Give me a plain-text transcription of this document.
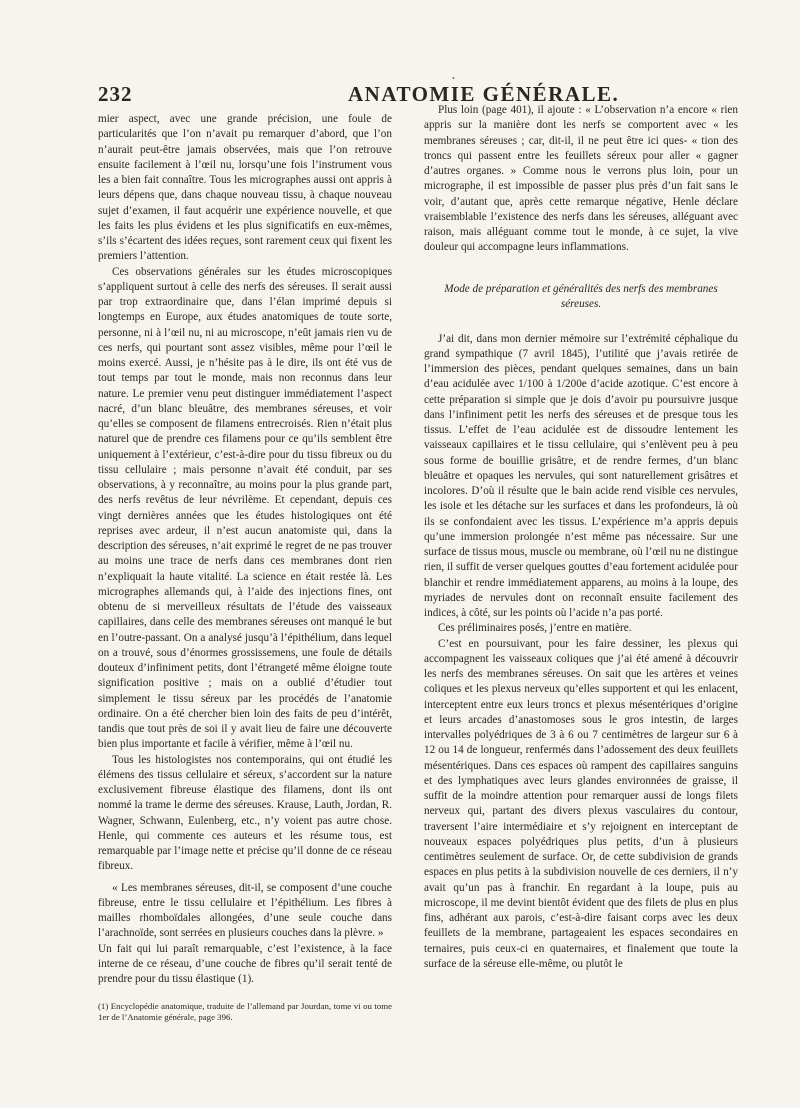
232
•
ANATOMIE GÉNÉRALE.

mier aspect, avec une grande précision, une foule de particularités que l’on n’avait pu remarquer d’abord, que l’on n’aurait peut-être jamais observées, mais que l’on retrouve ensuite facilement à l’œil nu, lorsqu’une fois l’instrument vous les a bien fait connaître. Tous les micrographes aussi ont appris à leurs dépens que, dans chaque nouveau tissu, à chaque nouveau sujet d’examen, il faut acquérir une expérience nouvelle, et que les faits les plus évidens et les plus significatifs en eux-mêmes, s’ils s’écartent des idées reçues, sont rarement ceux qui fixent les premiers l’attention.

Ces observations générales sur les études microscopiques s’appliquent surtout à celle des nerfs des séreuses. Il serait aussi par trop extraordinaire que, dans l’élan imprimé depuis si longtemps en Europe, aux études anatomiques de toute sorte, personne, ni à l’œil nu, ni au microscope, n’eût jamais rien vu de ces nerfs, qui pourtant sont assez visibles, même pour l’œil le moins exercé. Aussi, je n’hésite pas à le dire, ils ont été vus de tout temps par tout le monde, mais non reconnus dans leur nature. Le premier venu peut distinguer immédiatement l’aspect nacré, d’un blanc bleuâtre, des membranes séreuses, et voir qu’elles se composent de filamens entrecroisés. Rien n’était plus naturel que de prendre ces filamens pour ce qu’ils semblent être uniquement à l’extérieur, c’est-à-dire pour du tissu fibreux ou du tissu cellulaire ; mais personne n’avait été conduit, par ses observations, à y reconnaître, au moins pour la plus grande part, des nerfs revêtus de leur névrilème. Et cependant, depuis ces vingt dernières années que les études histologiques ont été reprises avec ardeur, il n’est aucun anatomiste qui, dans la description des séreuses, n’ait exprimé le regret de ne pas trouver au moins une trace de nerfs dans ces membranes dont rien n’expliquait la haute vitalité. La science en était restée là. Les micrographes allemands qui, à l’aide des injections fines, ont obtenu de si merveilleux résultats de l’étude des vaisseaux capillaires, dans celle des membranes séreuses ont manqué le but en l’outre-passant. On a analysé jusqu’à l’épithélium, dans lequel on a trouvé, sous d’énormes grossissemens, une foule de détails douteux d’infiniment petits, dont l’étrangeté même éloigne toute signification positive ; mais on a oublié d’étudier tout simplement le tissu séreux par les procédés de l’anatomie ordinaire. On a été chercher bien loin des faits de peu d’intérêt, tandis que tout près de soi il y avait lieu de faire une découverte bien plus importante et facile à vérifier, même à l’œil nu.

Tous les histologistes nos contemporains, qui ont étudié les élémens des tissus cellulaire et séreux, s’accordent sur la nature exclusivement fibreuse élastique des filamens, dont ils ont nommé la trame le derme des séreuses. Krause, Lauth, Jordan, R. Wagner, Schwann, Eulenberg, etc., n’y voient pas autre chose. Henle, qui commente ces auteurs et les résume tous, est remarquable par l’image nette et précise qu’il donne de ce réseau fibreux.

« Les membranes séreuses, dit-il, se composent d’une couche fibreuse, entre le tissu cellulaire et l’épithélium. Les fibres à mailles rhomboïdales allongées, d’une seule couche dans l’arachnoïde, sont serrées en plusieurs couches dans la plèvre. »

Un fait qui lui paraît remarquable, c’est l’existence, à la face interne de ce réseau, d’une couche de fibres qu’il serait tenté de prendre pour du tissu élastique (1).

(1) Encyclopédie anatomique, traduite de l’allemand par Jourdan, tome vi ou tome 1er de l’Anatomie générale, page 396.

Plus loin (page 401), il ajoute : « L’observation n’a encore « rien appris sur la manière dont les nerfs se comportent avec « les membranes séreuses ; car, dit-il, il ne peut être ici ques- « tion des troncs qui passent entre les feuillets séreux pour aller « gagner d’autres organes. » Comme nous le verrons plus loin, pour un micrographe, il est impossible de passer plus près d’un fait sans le voir, d’autant que, après cette remarque négative, Henle déclare vraisemblable l’existence des nerfs dans les séreuses, alléguant avec raison, mais alléguant comme tout le monde, à ce sujet, la vive douleur qui accompagne leurs inflammations.

Mode de préparation et généralités des nerfs des membranes séreuses.

J’ai dit, dans mon dernier mémoire sur l’extrémité céphalique du grand sympathique (7 avril 1845), l’utilité que j’avais retirée de l’immersion des pièces, pendant quelques semaines, dans un bain d’eau acidulée avec 1/100 à 1/200e d’acide azotique. C’est encore à cette préparation si simple que je dois d’avoir pu poursuivre jusque dans l’infiniment petit les nerfs des séreuses et de presque tous les tissus. L’effet de l’eau acidulée est de dissoudre lentement les vaisseaux capillaires et le tissu cellulaire, qui s’enlèvent peu à peu sous forme de bouillie grisâtre, et de rendre fermes, d’un blanc bleuâtre et opaques les nervules, qui sont naturellement grisâtres et incolores. D’où il résulte que le bain acide rend visible ces nervules, les isole et les détache sur les surfaces et dans les profondeurs, là où ils se confondaient avec les tissus. L’expérience m’a appris depuis qu’une immersion prolongée n’est même pas nécessaire. Sur une surface de tissus mous, muscle ou membrane, où l’œil nu ne distingue rien, il suffit de verser quelques gouttes d’eau fortement acidulée pour blanchir et rendre immédiatement apparens, au moins à la loupe, des myriades de nervules dont on reconnaît ensuite facilement des indices, à côté, sur les points où l’acide n’a pas porté.

Ces préliminaires posés, j’entre en matière.

C’est en poursuivant, pour les faire dessiner, les plexus qui accompagnent les vaisseaux coliques que j’ai été amené à découvrir les nerfs des membranes séreuses. On sait que les artères et veines coliques et les plexus nerveux qu’elles supportent et qui les enlacent, interceptent entre eux leurs troncs et plexus mésentériques d’origine et leurs arcades d’anastomoses sous le gros intestin, de larges intervalles polyédriques de 3 à 6 ou 7 centimètres de largeur sur 6 à 12 ou 14 de longueur, renfermés dans l’adossement des deux feuillets mésentériques. Dans ces espaces où rampent des capillaires sanguins et des lymphatiques avec leurs glandes environnées de graisse, il suffit de la moindre attention pour remarquer aussi de longs filets nerveux qui, partant des divers plexus vasculaires du contour, traversent l’aire intermédiaire et s’y rejoignent en interceptant de nouveaux espaces polyédriques plus petits, d’un à plusieurs centimètres seulement de surface. Or, de cette subdivision de grands espaces en plus petits à la subdivision nouvelle de ces derniers, il n’y avait qu’un pas à franchir. En regardant à la loupe, puis au microscope, il me devint bientôt évident que des filets de plus en plus fins, adhérant aux parois, c’est-à-dire faisant corps avec les deux feuillets de la membrane, partageaient les espaces secondaires en ternaires, puis ceux-ci en quaternaires, et finalement que toute la surface de la séreuse elle-même, ou plutôt le
